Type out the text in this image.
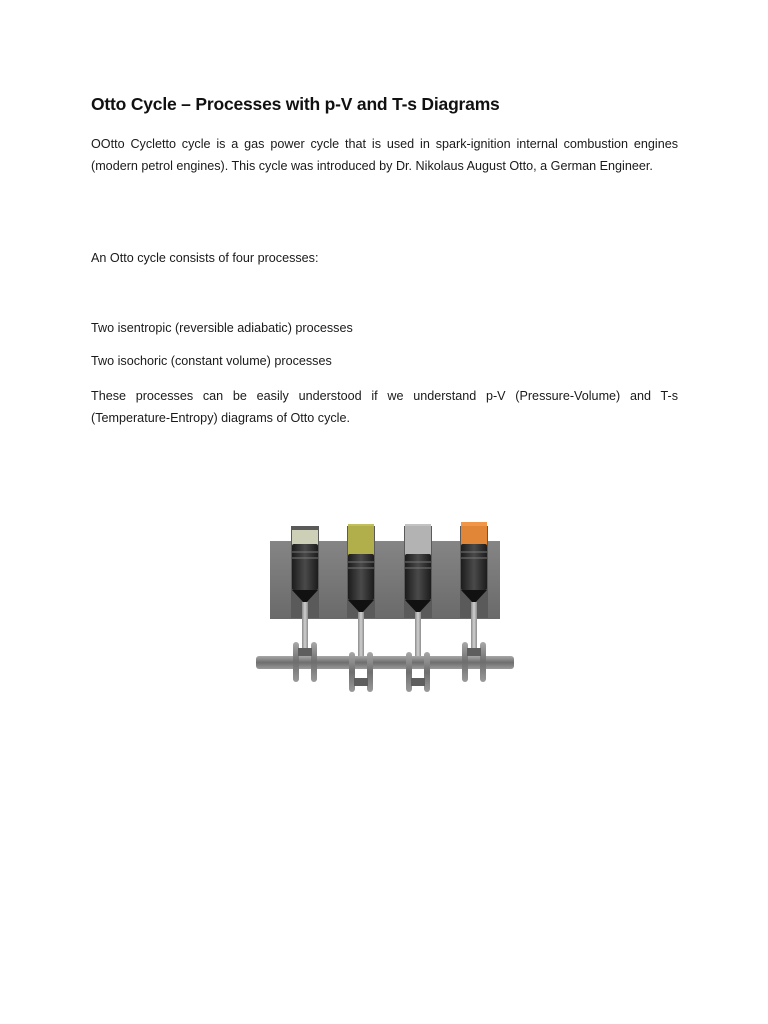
Otto Cycle – Processes with p-V and T-s Diagrams

OOtto Cycletto cycle is a gas power cycle that is used in spark-ignition internal combustion engines (modern petrol engines). This cycle was introduced by Dr. Nikolaus August Otto, a German Engineer.

An Otto cycle consists of four processes:

Two isentropic (reversible adiabatic) processes

Two isochoric (constant volume) processes

These processes can be easily understood if we understand p-V (Pressure-Volume) and T-s (Temperature-Entropy) diagrams of Otto cycle.
